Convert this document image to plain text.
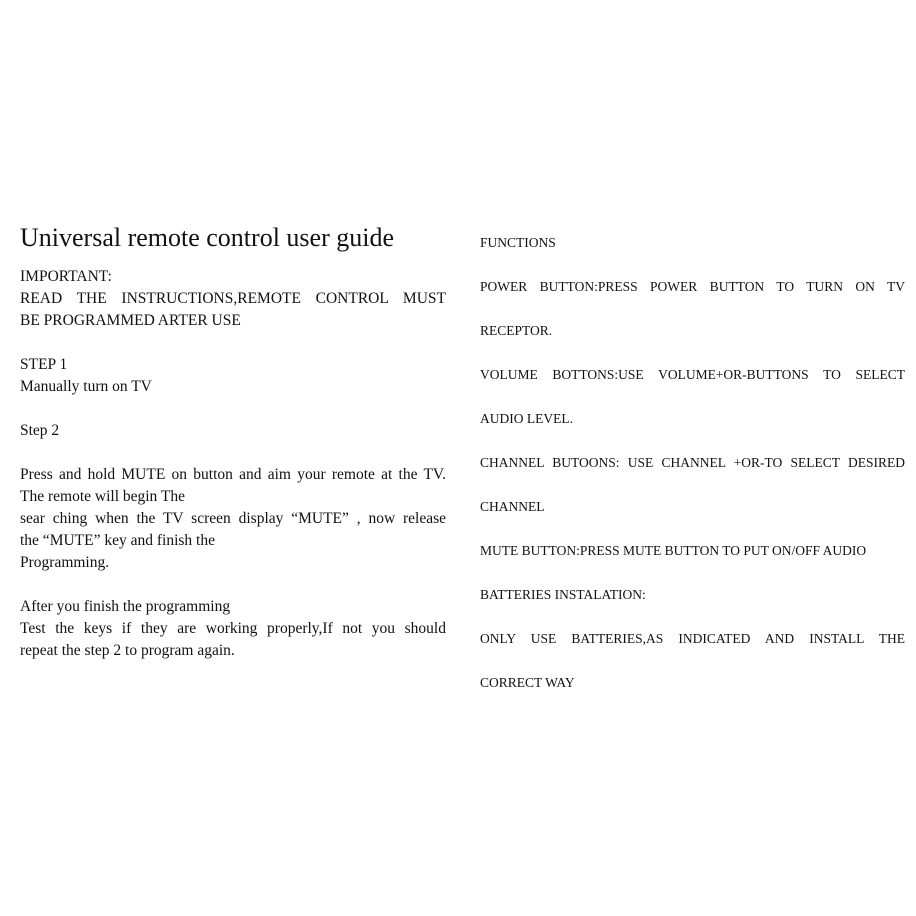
Universal remote control user guide
IMPORTANT:
READ THE INSTRUCTIONS,REMOTE CONTROL MUST
BE PROGRAMMED ARTER USE
STEP 1
Manually turn on TV
Step 2
Press and hold MUTE on button and aim your remote at the TV.
The remote will begin The
sear ching when the TV screen display “MUTE” , now release
the “MUTE” key and finish the
Programming.
After you finish the programming
Test the keys if they are working properly,If not you should
repeat the step 2 to program again.
FUNCTIONS
POWER BUTTON:PRESS POWER BUTTON TO TURN ON TV
RECEPTOR.
VOLUME BOTTONS:USE VOLUME+OR-BUTTONS TO SELECT
AUDIO LEVEL.
CHANNEL BUTOONS: USE CHANNEL +OR-TO SELECT DESIRED
CHANNEL
MUTE BUTTON:PRESS MUTE BUTTON TO PUT ON/OFF AUDIO
BATTERIES INSTALATION:
ONLY USE BATTERIES,AS INDICATED AND INSTALL THE
CORRECT WAY
